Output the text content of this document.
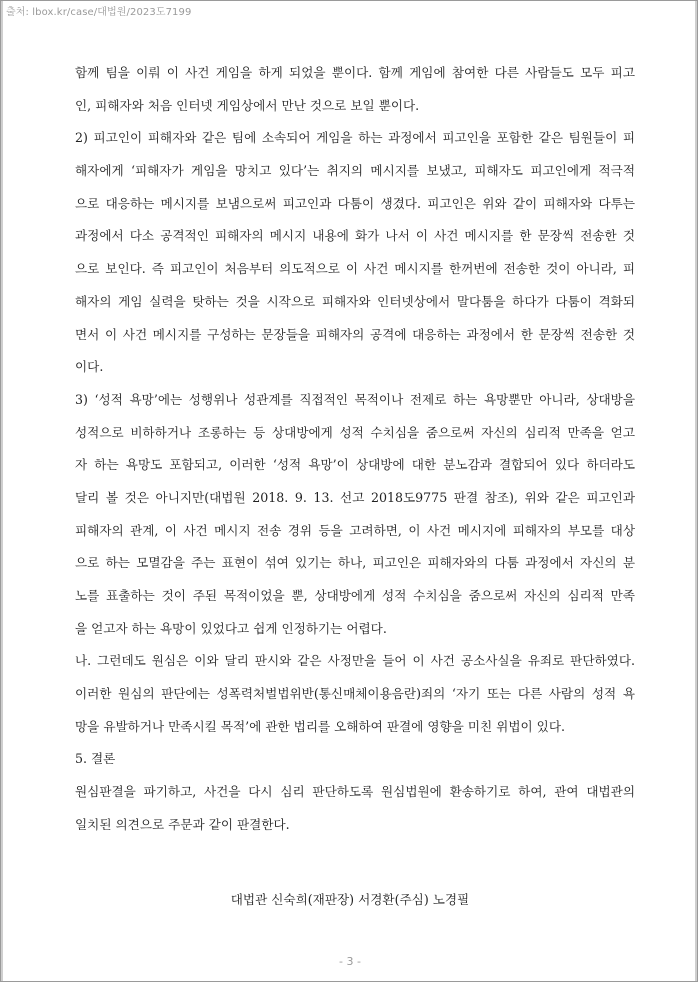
출처: lbox.kr/case/대법원/2023도7199
함께 팀을 이뤄 이 사건 게임을 하게 되었을 뿐이다. 함께 게임에 참여한 다른 사람들도 모두 피고
인, 피해자와 처음 인터넷 게임상에서 만난 것으로 보일 뿐이다.
2) 피고인이 피해자와 같은 팀에 소속되어 게임을 하는 과정에서 피고인을 포함한 같은 팀원들이 피
해자에게 ‘피해자가 게임을 망치고 있다’는 취지의 메시지를 보냈고, 피해자도 피고인에게 적극적
으로 대응하는 메시지를 보냄으로써 피고인과 다툼이 생겼다. 피고인은 위와 같이 피해자와 다투는
과정에서 다소 공격적인 피해자의 메시지 내용에 화가 나서 이 사건 메시지를 한 문장씩 전송한 것
으로 보인다. 즉 피고인이 처음부터 의도적으로 이 사건 메시지를 한꺼번에 전송한 것이 아니라, 피
해자의 게임 실력을 탓하는 것을 시작으로 피해자와 인터넷상에서 말다툼을 하다가 다툼이 격화되
면서 이 사건 메시지를 구성하는 문장들을 피해자의 공격에 대응하는 과정에서 한 문장씩 전송한 것
이다.
3) ‘성적 욕망’에는 성행위나 성관계를 직접적인 목적이나 전제로 하는 욕망뿐만 아니라, 상대방을
성적으로 비하하거나 조롱하는 등 상대방에게 성적 수치심을 줌으로써 자신의 심리적 만족을 얻고
자 하는 욕망도 포함되고, 이러한 ‘성적 욕망’이 상대방에 대한 분노감과 결합되어 있다 하더라도
달리 볼 것은 아니지만(대법원 2018. 9. 13. 선고 2018도9775 판결 참조), 위와 같은 피고인과
피해자의 관계, 이 사건 메시지 전송 경위 등을 고려하면, 이 사건 메시지에 피해자의 부모를 대상
으로 하는 모멸감을 주는 표현이 섞여 있기는 하나, 피고인은 피해자와의 다툼 과정에서 자신의 분
노를 표출하는 것이 주된 목적이었을 뿐, 상대방에게 성적 수치심을 줌으로써 자신의 심리적 만족
을 얻고자 하는 욕망이 있었다고 쉽게 인정하기는 어렵다.
나. 그런데도 원심은 이와 달리 판시와 같은 사정만을 들어 이 사건 공소사실을 유죄로 판단하였다.
이러한 원심의 판단에는 성폭력처벌법위반(통신매체이용음란)죄의 ‘자기 또는 다른 사람의 성적 욕
망을 유발하거나 만족시킬 목적’에 관한 법리를 오해하여 판결에 영향을 미친 위법이 있다.
5. 결론
원심판결을 파기하고, 사건을 다시 심리 판단하도록 원심법원에 환송하기로 하여, 관여 대법관의
일치된 의견으로 주문과 같이 판결한다.
대법관 신숙희(재판장) 서경환(주심) 노경필
- 3 -
